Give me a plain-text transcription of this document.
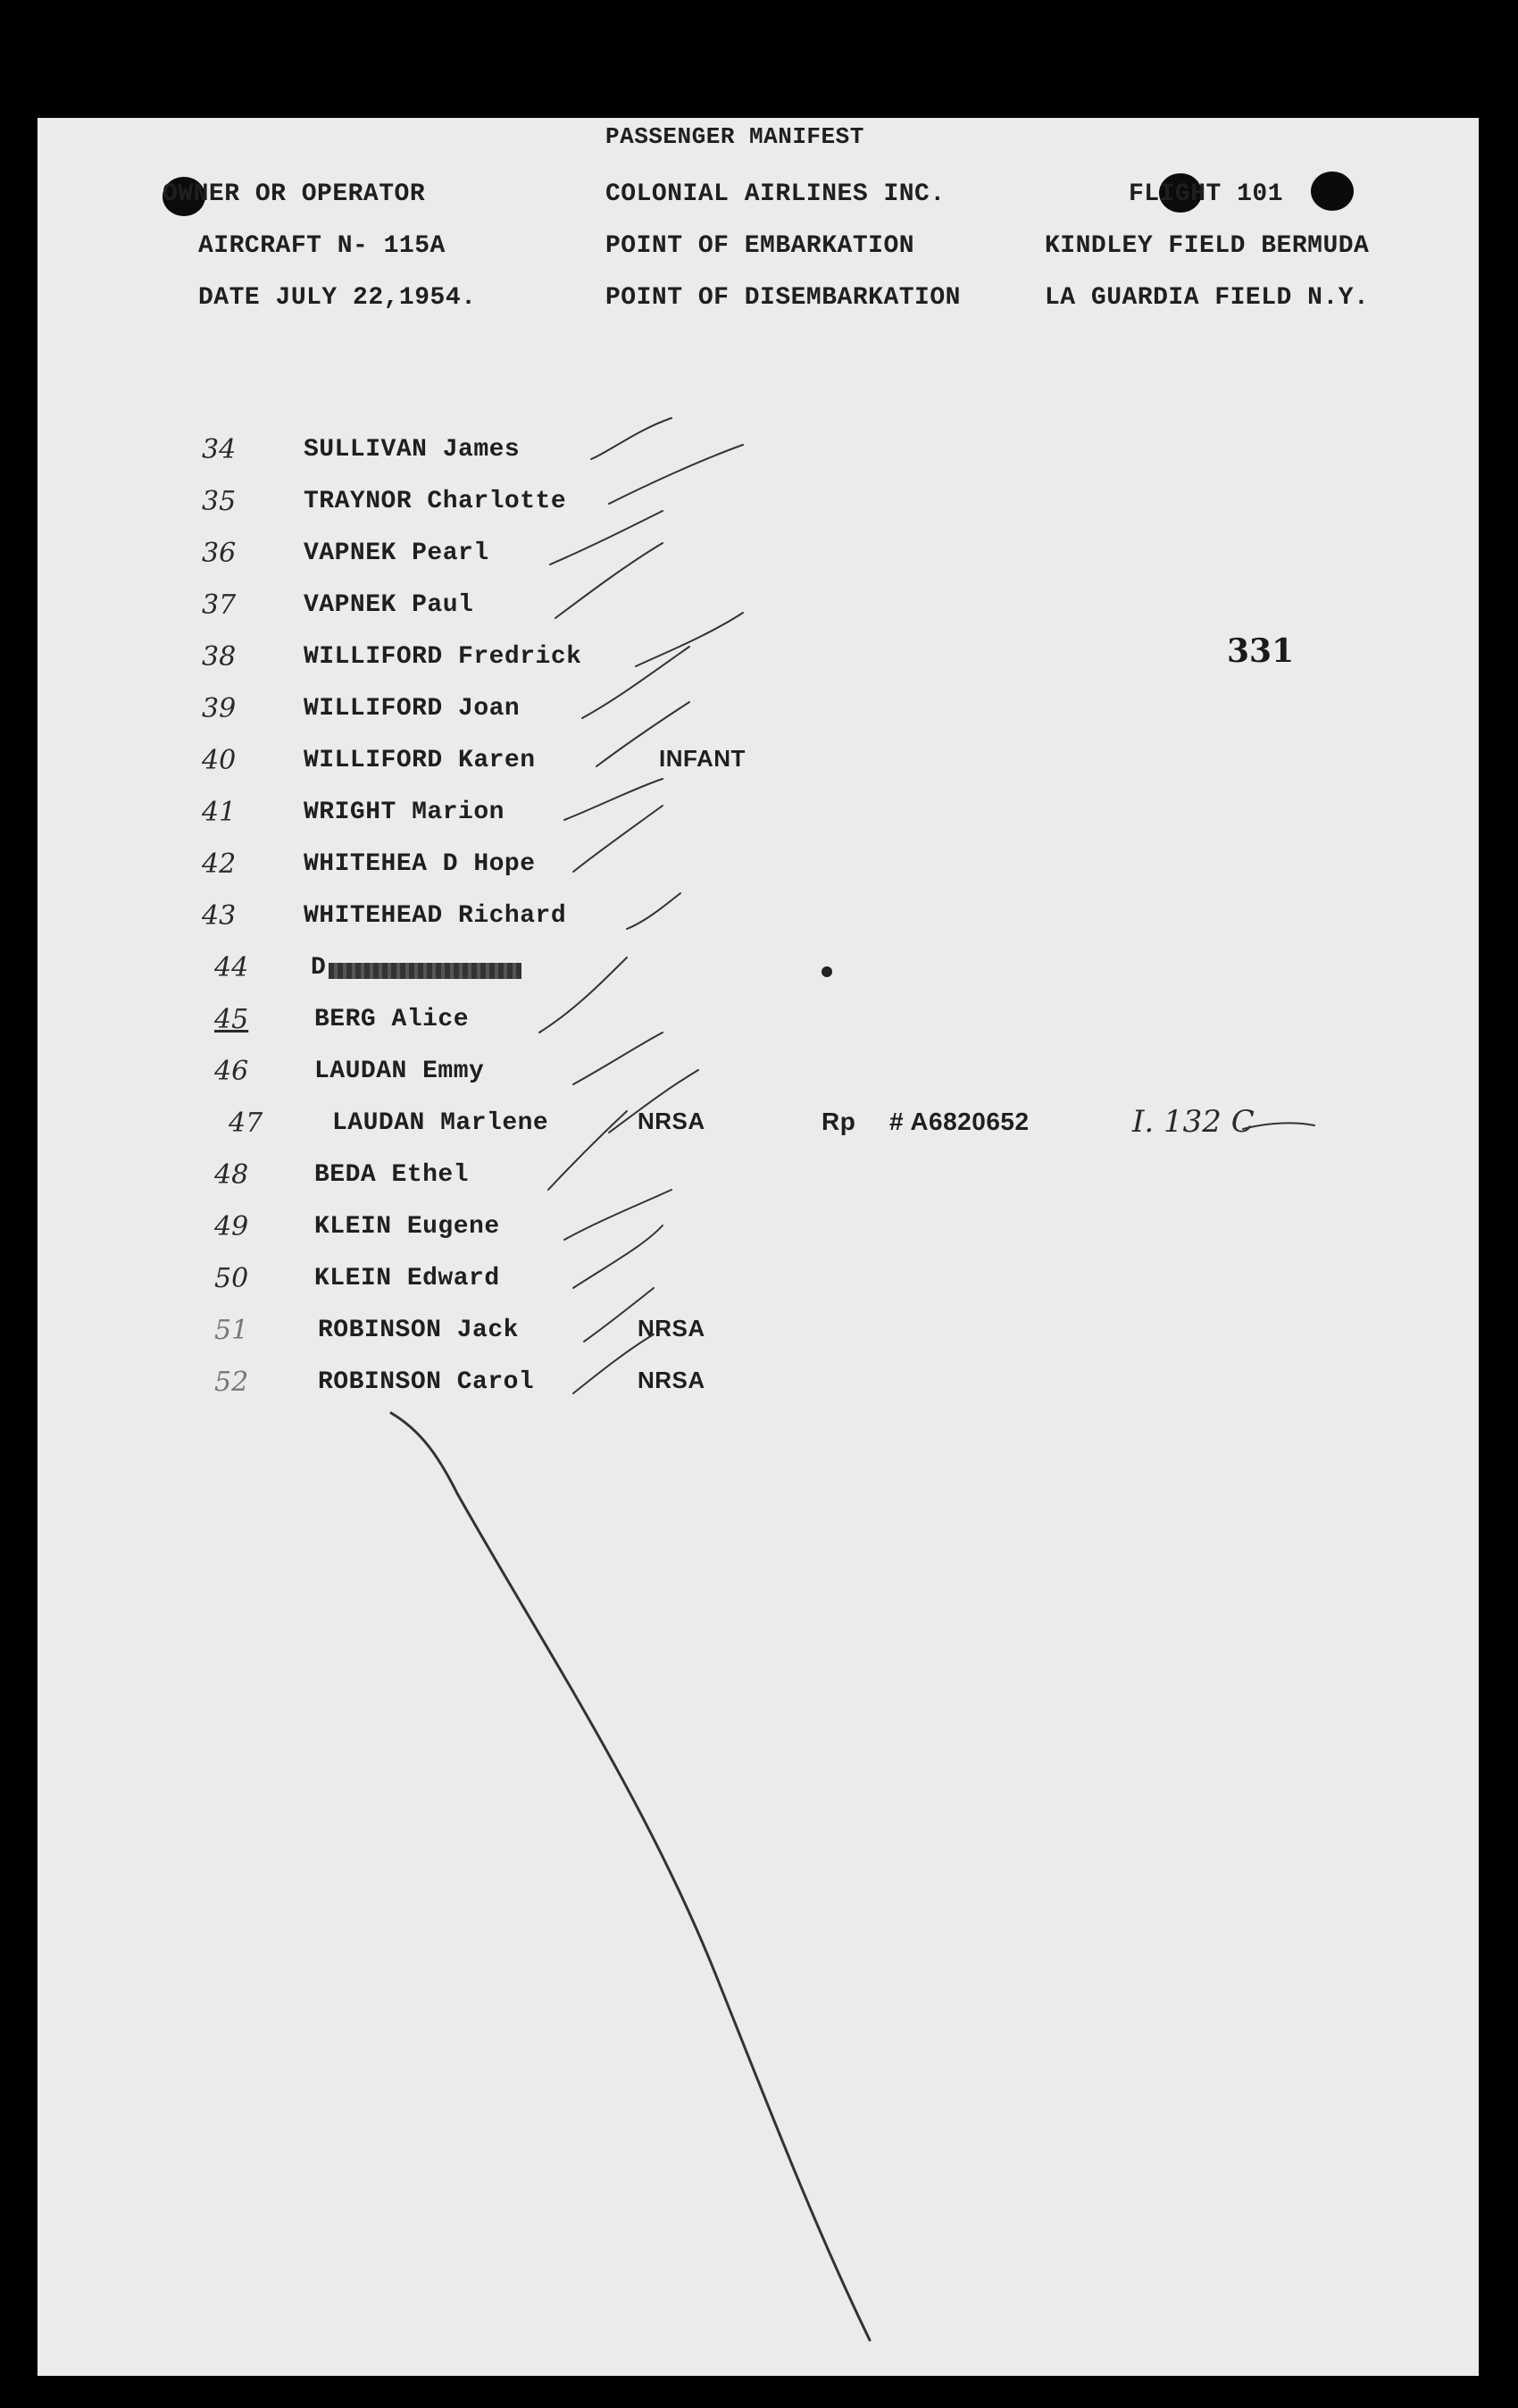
PASSENGER MANIFEST
OWNER OR OPERATOR	COLONIAL AIRLINES INC.	FLIGHT 101
AIRCRAFT N- 115A	POINT OF EMBARKATION	KINDLEY FIELD BERMUDA
DATE JULY 22,1954.	POINT OF DISEMBARKATION	LA GUARDIA FIELD N.Y.
331
34	SULLIVAN James
35	TRAYNOR Charlotte
36	VAPNEK Pearl
37	VAPNEK Paul
38	WILLIFORD Fredrick
39	WILLIFORD Joan
40	WILLIFORD Karen	INFANT
41	WRIGHT Marion
42	WHITEHEA D Hope
43	WHITEHEAD Richard
44 D
45	BERG Alice
46	LAUDAN Emmy
47	LAUDAN Marlene	NRSA	Rp # A6820652	I. 132 C
48	BEDA Ethel
49	KLEIN Eugene
50	KLEIN Edward
51	ROBINSON Jack	NRSA
52	ROBINSON Carol	NRSA
